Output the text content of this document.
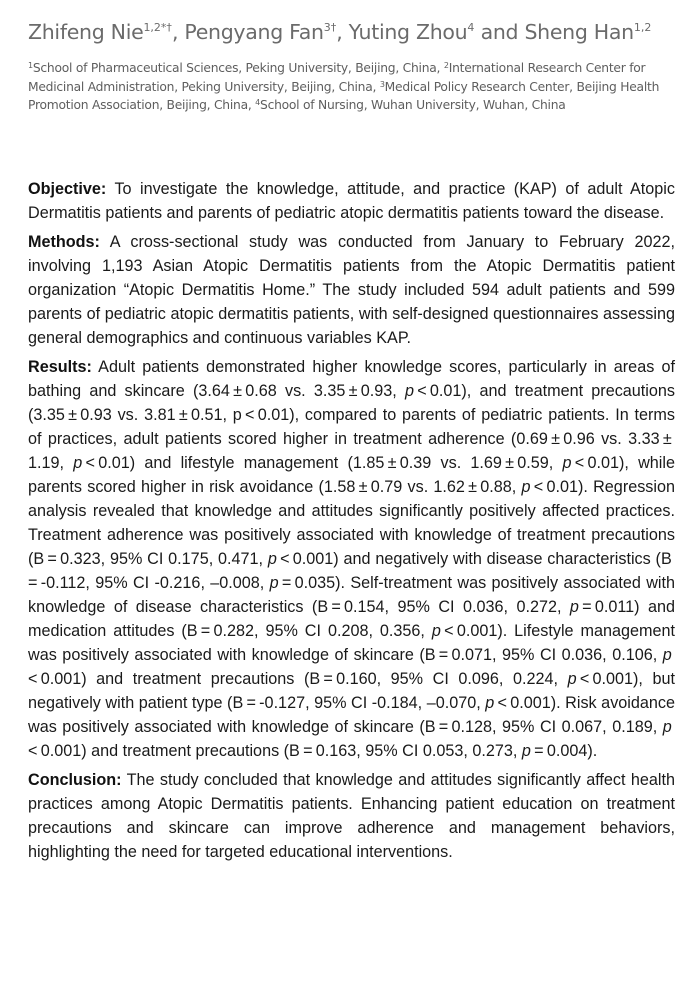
Zhifeng Nie$^{1,2*\dagger}$, Pengyang Fan$^{3\dagger}$, Yuting Zhou$^4$ and Sheng Han$^{1,2}$
$^1$School of Pharmaceutical Sciences, Peking University, Beijing, China, $^2$International Research Center for Medicinal Administration, Peking University, Beijing, China, $^3$Medical Policy Research Center, Beijing Health Promotion Association, Beijing, China, $^4$School of Nursing, Wuhan University, Wuhan, China

Objective: To investigate the knowledge, attitude, and practice (KAP) of adult Atopic Dermatitis patients and parents of pediatric atopic dermatitis patients toward the disease.

Methods: A cross-sectional study was conducted from January to February 2022, involving 1,193 Asian Atopic Dermatitis patients from the Atopic Dermatitis patient organization “Atopic Dermatitis Home.” The study included 594 adult patients and 599 parents of pediatric atopic dermatitis patients, with self-designed questionnaires assessing general demographics and continuous variables KAP.

Results: Adult patients demonstrated higher knowledge scores, particularly in areas of bathing and skincare (3.64 ± 0.68 vs. 3.35 ± 0.93, p < 0.01), and treatment precautions (3.35 ± 0.93 vs. 3.81 ± 0.51, p < 0.01), compared to parents of pediatric patients. In terms of practices, adult patients scored higher in treatment adherence (0.69 ± 0.96 vs. 3.33 ± 1.19, p < 0.01) and lifestyle management (1.85 ± 0.39 vs. 1.69 ± 0.59, p < 0.01), while parents scored higher in risk avoidance (1.58 ± 0.79 vs. 1.62 ± 0.88, p < 0.01). Regression analysis revealed that knowledge and attitudes significantly positively affected practices. Treatment adherence was positively associated with knowledge of treatment precautions (B = 0.323, 95% CI 0.175, 0.471, p < 0.001) and negatively with disease characteristics (B = -0.112, 95% CI -0.216, –0.008, p = 0.035). Self-treatment was positively associated with knowledge of disease characteristics (B = 0.154, 95% CI 0.036, 0.272, p = 0.011) and medication attitudes (B = 0.282, 95% CI 0.208, 0.356, p < 0.001). Lifestyle management was positively associated with knowledge of skincare (B = 0.071, 95% CI 0.036, 0.106, p < 0.001) and treatment precautions (B = 0.160, 95% CI 0.096, 0.224, p < 0.001), but negatively with patient type (B = -0.127, 95% CI -0.184, –0.070, p < 0.001). Risk avoidance was positively associated with knowledge of skincare (B = 0.128, 95% CI 0.067, 0.189, p < 0.001) and treatment precautions (B = 0.163, 95% CI 0.053, 0.273, p = 0.004).

Conclusion: The study concluded that knowledge and attitudes significantly affect health practices among Atopic Dermatitis patients. Enhancing patient education on treatment precautions and skincare can improve adherence and management behaviors, highlighting the need for targeted educational interventions.
